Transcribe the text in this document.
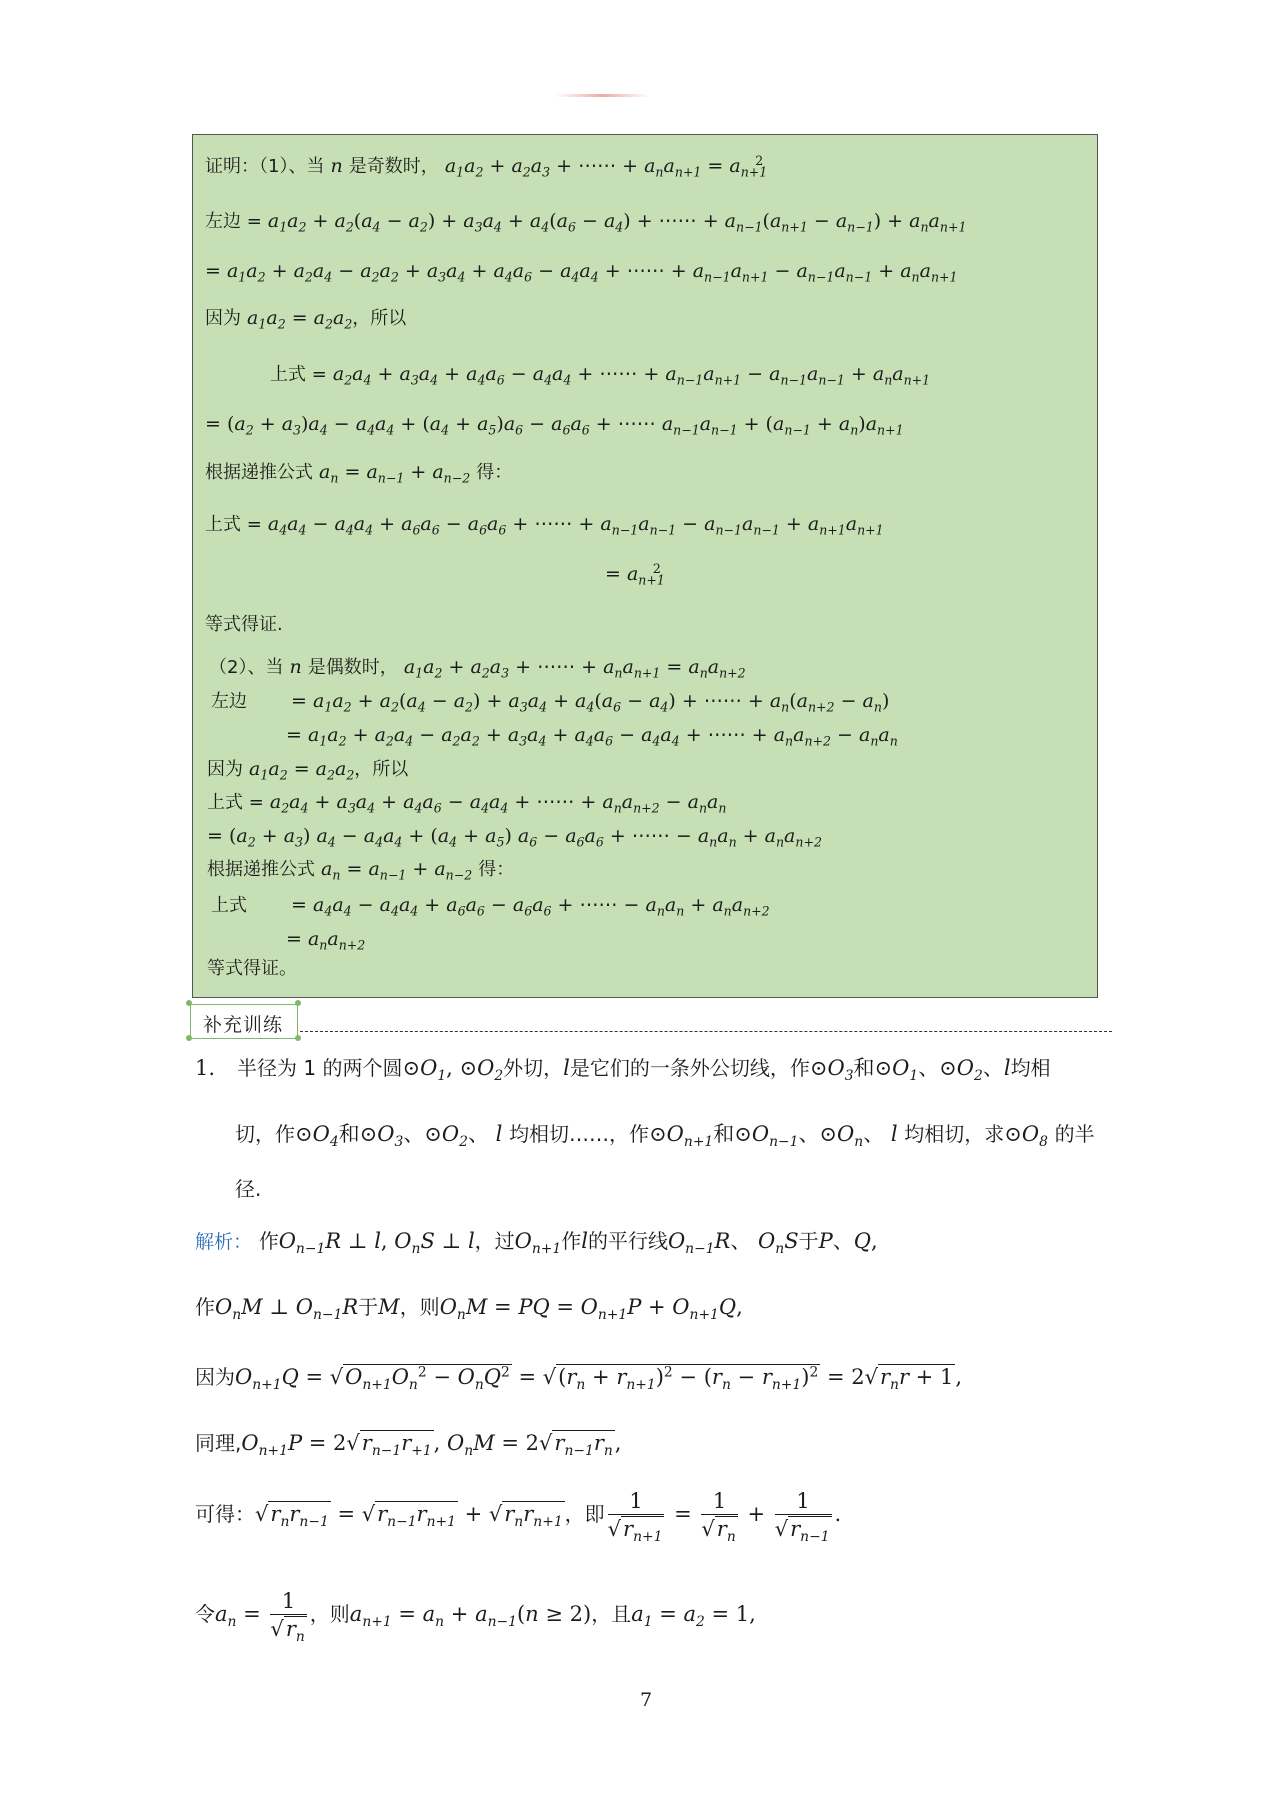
证明：（1）、当 n 是奇数时， $a_1a_2 + a_2a_3$ + ⋯⋯ + $a_na_{n+1} = a_{n+1}^2$
左边 = $a_1a_2 + a_2(a_4 - a_2) + a_3a_4 + a_4(a_6 - a_4)$ + ⋯⋯ + $a_{n-1}(a_{n+1} - a_{n-1}) + a_na_{n+1}$
= $a_1a_2 + a_2a_4 - a_2a_2 + a_3a_4 + a_4a_6 - a_4a_4$ + ⋯⋯ + $a_{n-1}a_{n+1} - a_{n-1}a_{n-1} + a_na_{n+1}$
因为 $a_1a_2 = a_2a_2$，所以
上式 = $a_2a_4 + a_3a_4 + a_4a_6 - a_4a_4$ + ⋯⋯ + $a_{n-1}a_{n+1} - a_{n-1}a_{n-1} + a_na_{n+1}$
= $(a_2 + a_3)a_4 - a_4a_4 + (a_4 + a_5)a_6 - a_6a_6$ + ⋯⋯ $a_{n-1}a_{n-1} + (a_{n-1} + a_n)a_{n+1}$
根据递推公式 $a_n = a_{n-1} + a_{n-2}$ 得：
上式 = $a_4a_4 - a_4a_4 + a_6a_6 - a_6a_6$ + ⋯⋯ + $a_{n-1}a_{n-1} - a_{n-1}a_{n-1} + a_{n+1}a_{n+1}$
= $a_{n+1}^2$
等式得证.
（2）、当 n 是偶数时， $a_1a_2 + a_2a_3$ + ⋯⋯ + $a_na_{n+1} = a_na_{n+2}$
左边 = $a_1a_2 + a_2(a_4 - a_2) + a_3a_4 + a_4(a_6 - a_4)$ + ⋯⋯ + $a_n(a_{n+2} - a_n)$
= $a_1a_2 + a_2a_4 - a_2a_2 + a_3a_4 + a_4a_6 - a_4a_4$ + ⋯⋯ + $a_na_{n+2} - a_na_n$
因为 $a_1a_2 = a_2a_2$，所以
上式 = $a_2a_4 + a_3a_4 + a_4a_6 - a_4a_4$ + ⋯⋯ + $a_na_{n+2} - a_na_n$
= $(a_2 + a_3) a_4 - a_4a_4 + (a_4 + a_5) a_6 - a_6a_6$ + ⋯⋯ − $a_na_n + a_na_{n+2}$
根据递推公式 $a_n = a_{n-1} + a_{n-2}$ 得：
上式 = $a_4a_4 - a_4a_4 + a_6a_6 - a_6a_6$ + ⋯⋯ − $a_na_n + a_na_{n+2}$
= $a_na_{n+2}$
等式得证。
补充训练
1. 半径为 1 的两个圆$⊙O_1$, $⊙O_2$外切，l是它们的一条外公切线，作$⊙O_3$和$⊙O_1$、$⊙O_2$、l均相
切，作$⊙O_4$和$⊙O_3$、$⊙O_2$、 l 均相切……，作$⊙O_{n+1}$和$⊙O_{n-1}$、$⊙O_n$、 l 均相切，求$⊙O_8$ 的半
径.
解析： 作$O_{n-1}R$ ⊥ l, $O_nS$ ⊥ l，过$O_{n+1}$作l的平行线$O_{n-1}R$、 $O_nS$于P、Q,
作$O_nM$ ⊥ $O_{n-1}R$于M，则$O_nM$ = PQ = $O_{n+1}P + O_{n+1}Q$,
因为$O_{n+1}Q = √O_{n+1}O_n^2 - O_nQ^2 = √(r_n + r_{n+1})^2 - (r_n - r_{n+1})^2 = 2√r_nr + 1$,
同理$,O_{n+1}P = 2√r_{n-1}r_{+1}$, $O_nM = 2√r_{n-1}r_n$,
可得：$√r_nr_{n-1} = √r_{n-1}r_{n+1} + √r_nr_{n+1}$ ，即 $\frac{1}{√r_{n+1}} = \frac{1}{√r_n} + \frac{1}{√r_{n-1}}$ .
令$a_n = \frac{1}{√r_n}$ ，则$a_{n+1} = a_n + a_{n-1}(n \ge 2)$，且$a_1 = a_2 = 1$,
7
